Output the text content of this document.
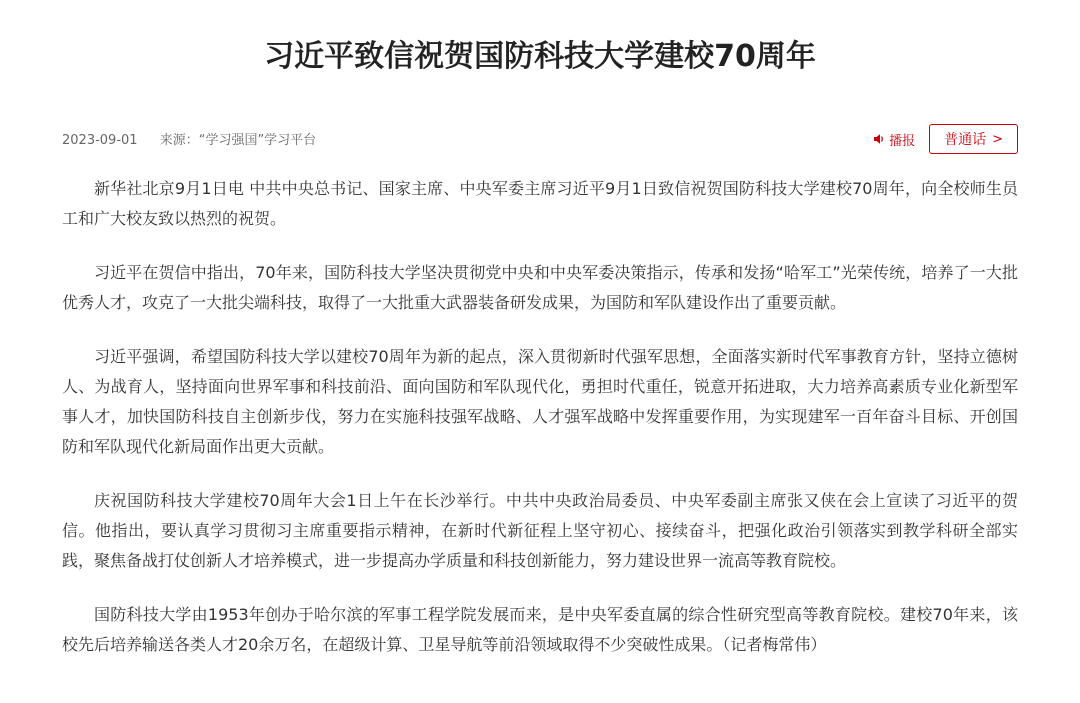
习近平致信祝贺国防科技大学建校70周年
2023-09-01 来源：“学习强国”学习平台	播报 普通话 >

新华社北京9月1日电 中共中央总书记、国家主席、中央军委主席习近平9月1日致信祝贺国防科技大学建校70周年，向全校师生员工和广大校友致以热烈的祝贺。

习近平在贺信中指出，70年来，国防科技大学坚决贯彻党中央和中央军委决策指示，传承和发扬“哈军工”光荣传统，培养了一大批优秀人才，攻克了一大批尖端科技，取得了一大批重大武器装备研发成果，为国防和军队建设作出了重要贡献。

习近平强调，希望国防科技大学以建校70周年为新的起点，深入贯彻新时代强军思想，全面落实新时代军事教育方针，坚持立德树人、为战育人，坚持面向世界军事和科技前沿、面向国防和军队现代化，勇担时代重任，锐意开拓进取，大力培养高素质专业化新型军事人才，加快国防科技自主创新步伐，努力在实施科技强军战略、人才强军战略中发挥重要作用，为实现建军一百年奋斗目标、开创国防和军队现代化新局面作出更大贡献。

庆祝国防科技大学建校70周年大会1日上午在长沙举行。中共中央政治局委员、中央军委副主席张又侠在会上宣读了习近平的贺信。他指出，要认真学习贯彻习主席重要指示精神，在新时代新征程上坚守初心、接续奋斗，把强化政治引领落实到教学科研全部实践，聚焦备战打仗创新人才培养模式，进一步提高办学质量和科技创新能力，努力建设世界一流高等教育院校。

国防科技大学由1953年创办于哈尔滨的军事工程学院发展而来，是中央军委直属的综合性研究型高等教育院校。建校70年来，该校先后培养输送各类人才20余万名，在超级计算、卫星导航等前沿领域取得不少突破性成果。（记者梅常伟）
